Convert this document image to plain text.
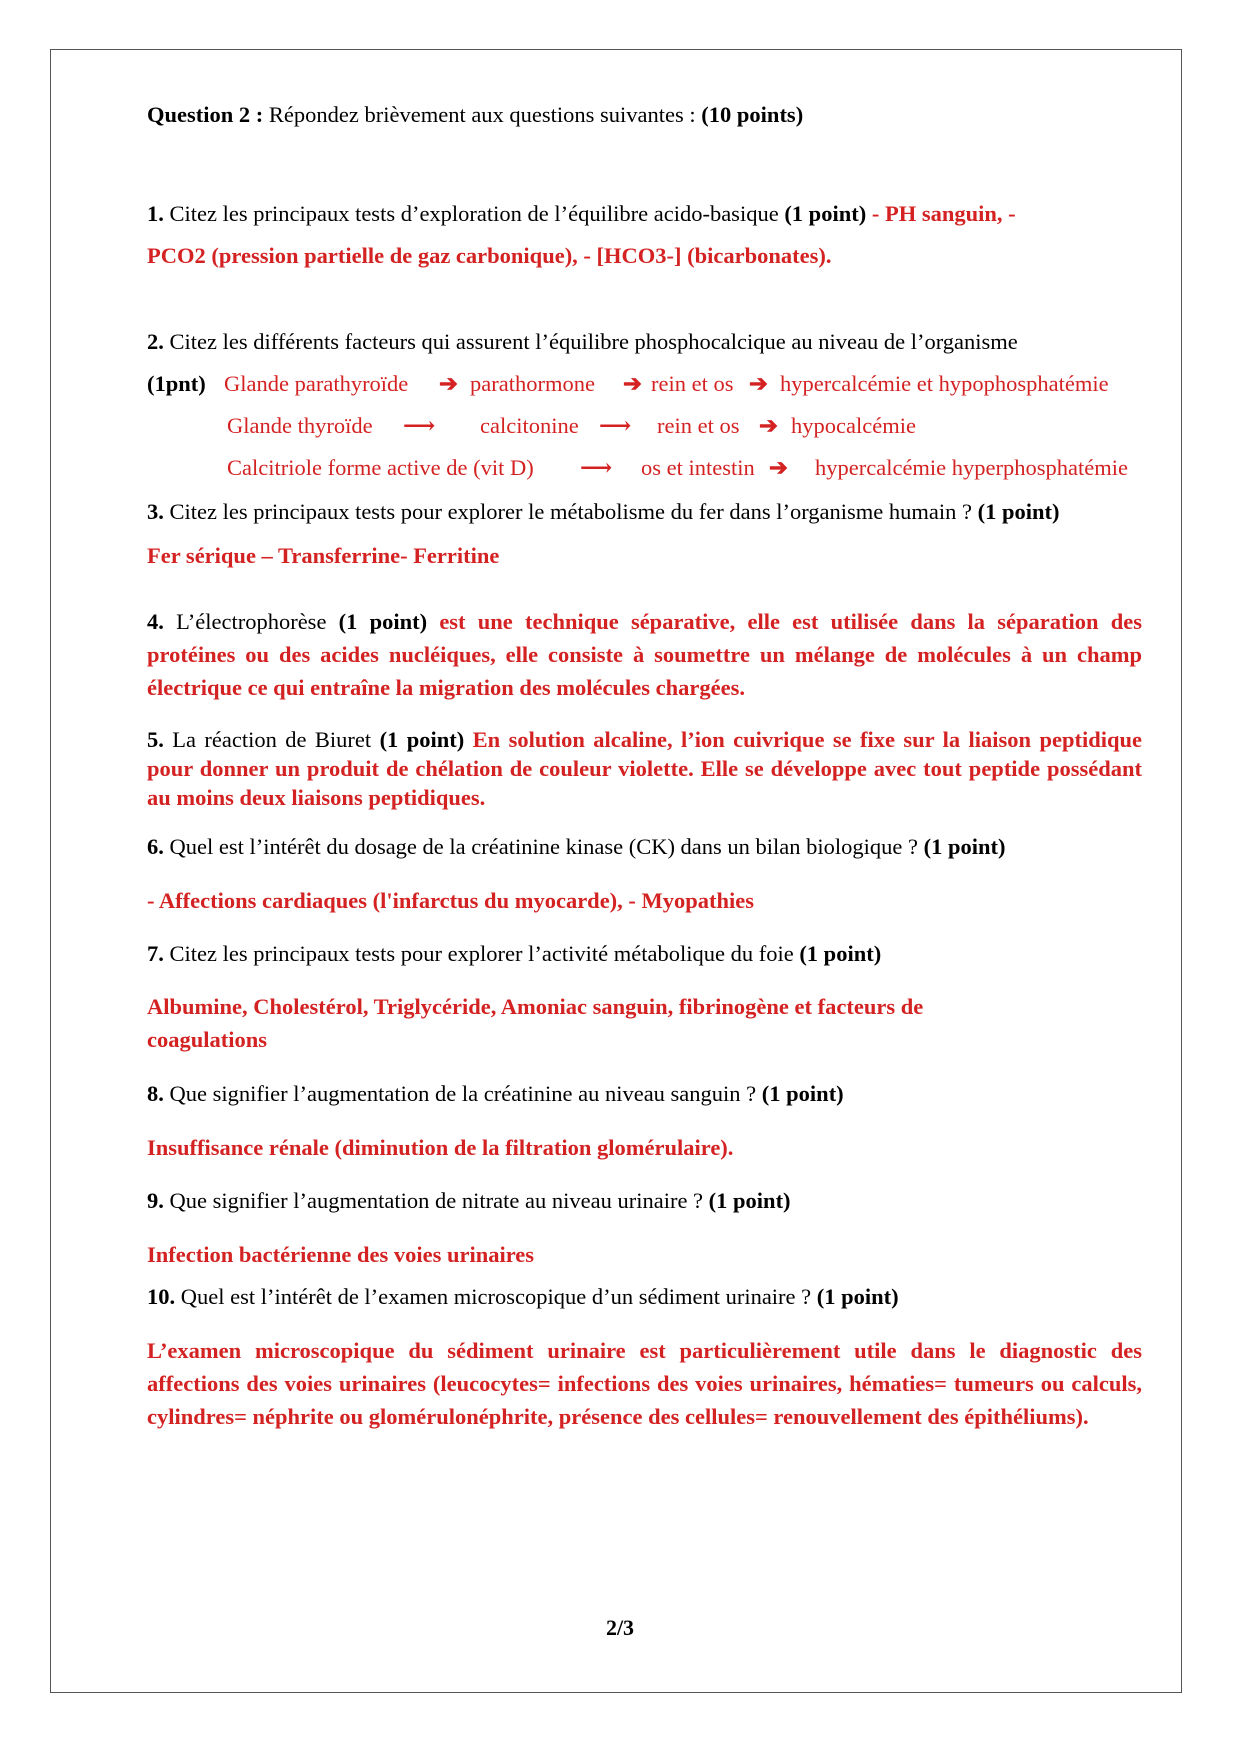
Question 2 : Répondez brièvement aux questions suivantes : (10 points)
1. Citez les principaux tests d’exploration de l’équilibre acido-basique (1 point) - PH sanguin, -
PCO2 (pression partielle de gaz carbonique), - [HCO3-] (bicarbonates).
2. Citez les différents facteurs qui assurent l’équilibre phosphocalcique au niveau de l’organisme
(1pnt) Glande parathyroïde ➔ parathormone ➔ rein et os ➔ hypercalcémie et hypophosphatémie
Glande thyroïde ⟶ calcitonine ⟶ rein et os ➔ hypocalcémie
Calcitriole forme active de (vit D) ⟶ os et intestin ➔ hypercalcémie hyperphosphatémie
3. Citez les principaux tests pour explorer le métabolisme du fer dans l’organisme humain ? (1 point)
Fer sérique – Transferrine- Ferritine
4. L’électrophorèse (1 point) est une technique séparative, elle est utilisée dans la séparation des protéines ou des acides nucléiques, elle consiste à soumettre un mélange de molécules à un champ électrique ce qui entraîne la migration des molécules chargées.
5. La réaction de Biuret (1 point) En solution alcaline, l’ion cuivrique se fixe sur la liaison peptidique pour donner un produit de chélation de couleur violette. Elle se développe avec tout peptide possédant au moins deux liaisons peptidiques.
6. Quel est l’intérêt du dosage de la créatinine kinase (CK) dans un bilan biologique ? (1 point)
- Affections cardiaques (l'infarctus du myocarde), - Myopathies
7. Citez les principaux tests pour explorer l’activité métabolique du foie (1 point)
Albumine, Cholestérol, Triglycéride, Amoniac sanguin, fibrinogène et facteurs de
coagulations
8. Que signifier l’augmentation de la créatinine au niveau sanguin ? (1 point)
Insuffisance rénale (diminution de la filtration glomérulaire).
9. Que signifier l’augmentation de nitrate au niveau urinaire ? (1 point)
Infection bactérienne des voies urinaires
10. Quel est l’intérêt de l’examen microscopique d’un sédiment urinaire ? (1 point)
L’examen microscopique du sédiment urinaire est particulièrement utile dans le diagnostic des affections des voies urinaires (leucocytes= infections des voies urinaires, hématies= tumeurs ou calculs, cylindres= néphrite ou glomérulonéphrite, présence des cellules= renouvellement des épithéliums).
2/3
